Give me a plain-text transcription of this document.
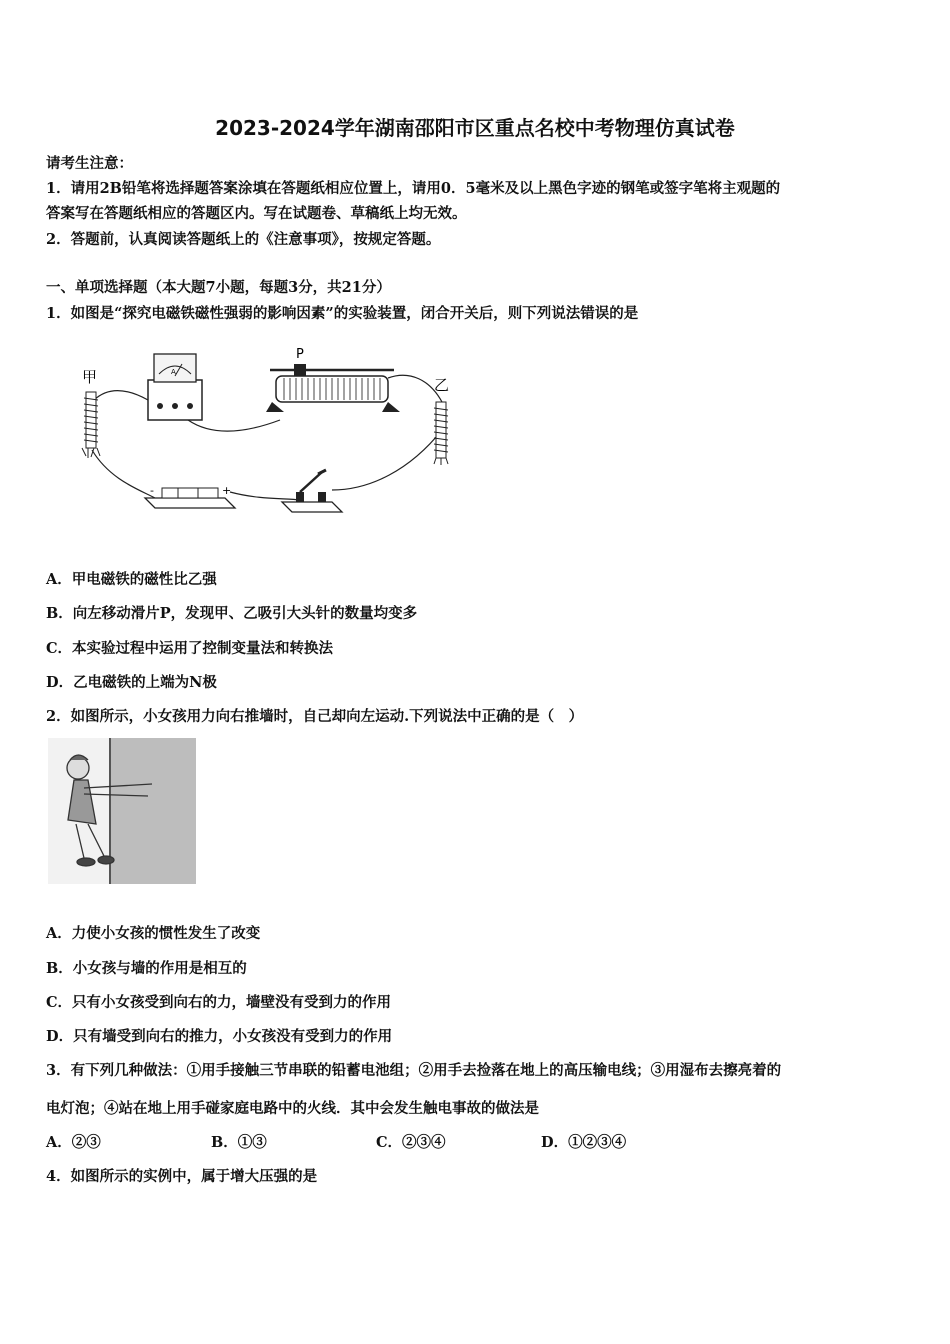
2023-2024学年湖南邵阳市区重点名校中考物理仿真试卷
请考生注意：
1．请用2B铅笔将选择题答案涂填在答题纸相应位置上，请用0．5毫米及以上黑色字迹的钢笔或签字笔将主观题的
答案写在答题纸相应的答题区内。写在试题卷、草稿纸上均无效。
2．答题前，认真阅读答题纸上的《注意事项》，按规定答题。
一、单项选择题（本大题7小题，每题3分，共21分）
1．如图是“探究电磁铁磁性强弱的影响因素”的实验装置，闭合开关后，则下列说法错误的是
A
P
甲	乙
-	+
A．甲电磁铁的磁性比乙强
B．向左移动滑片P，发现甲、乙吸引大头针的数量均变多
C．本实验过程中运用了控制变量法和转换法
D．乙电磁铁的上端为N极
2．如图所示，小女孩用力向右推墙时，自己却向左运动.下列说法中正确的是（　）
A．力使小女孩的惯性发生了改变
B．小女孩与墙的作用是相互的
C．只有小女孩受到向右的力，墙壁没有受到力的作用
D．只有墙受到向右的推力，小女孩没有受到力的作用
3．有下列几种做法：①用手接触三节串联的铅蓄电池组；②用手去捡落在地上的高压输电线；③用湿布去擦亮着的
电灯泡；④站在地上用手碰家庭电路中的火线．其中会发生触电事故的做法是
A．②③	B．①③	C．②③④	D．①②③④
4．如图所示的实例中，属于增大压强的是
